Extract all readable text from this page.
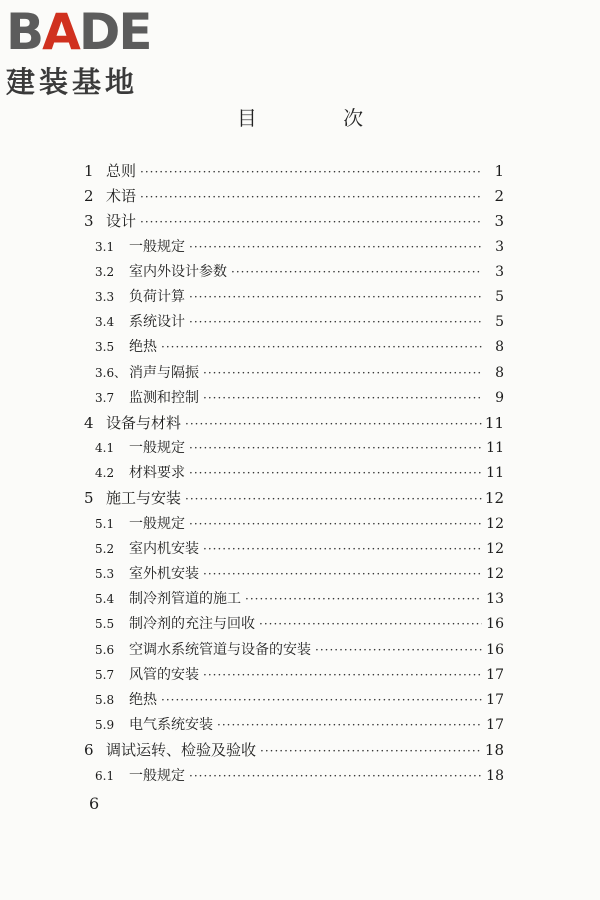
B A DE
建装基地
目 次
1 总则 ·····	1
2 术语 ·····	2
3 设计 ·····	3
3.1	一般规定 ·····	3
3.2	室内外设计参数 ·····	3
3.3	负荷计算 ·····	5
3.4	系统设计 ·····	5
3.5	绝热 ·····	8
3.6、 消声与隔振 ·····	8
3.7	监测和控制 ·····	9
4 设备与材料 ·····	11
4.1	一般规定 ·····	11
4.2	材料要求 ·····	11
5 施工与安装 ·····	12
5.1	一般规定 ·····	12
5.2	室内机安装 ·····	12
5.3	室外机安装 ·····	12
5.4	制冷剂管道的施工 ·····	13
5.5	制冷剂的充注与回收 ·····	16
5.6	空调水系统管道与设备的安装 ·····	16
5.7	风管的安装 ·····	17
5.8	绝热 ·····	17
5.9	电气系统安装 ·····	17
6 调试运转、检验及验收 ·····	18
6.1	一般规定 ·····	18
6
